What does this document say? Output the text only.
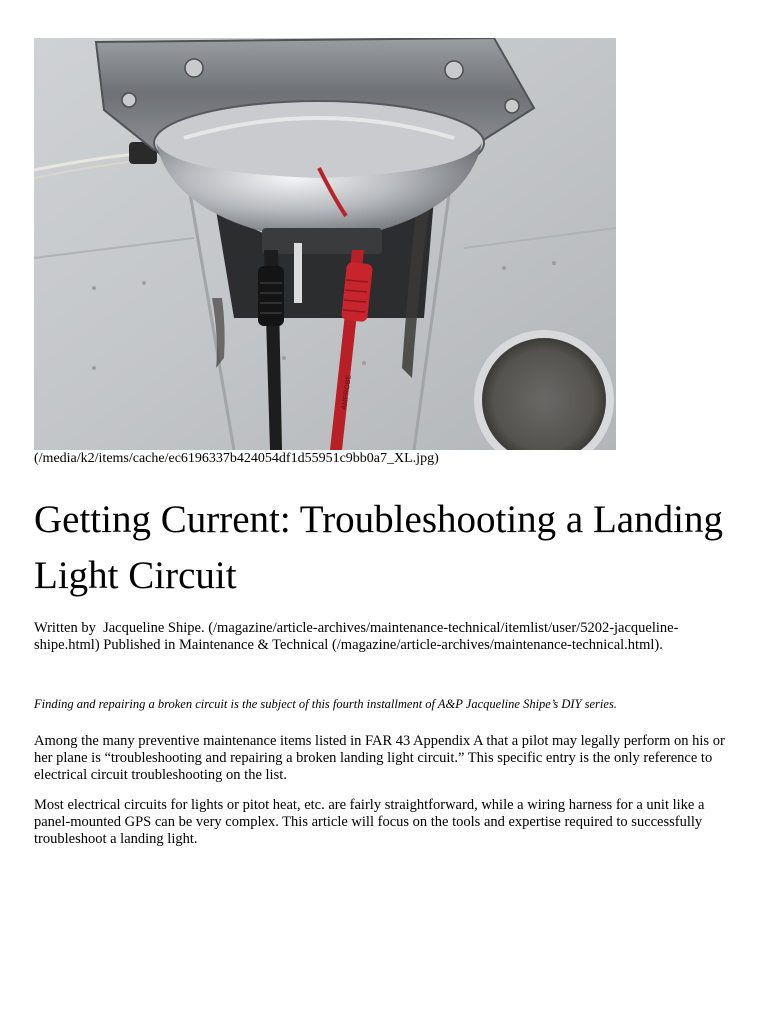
AMPROBE
(/media/k2/items/cache/ec6196337b424054df1d55951c9bb0a7_XL.jpg)
Getting Current: Troubleshooting a Landing Light Circuit
Written by Jacqueline Shipe. (/magazine/article-archives/maintenance-technical/itemlist/user/5202-jacqueline-shipe.html) Published in Maintenance & Technical (/magazine/article-archives/maintenance-technical.html).
Finding and repairing a broken circuit is the subject of this fourth installment of A&P Jacqueline Shipe’s DIY series.

Among the many preventive maintenance items listed in FAR 43 Appendix A that a pilot may legally perform on his or her plane is “troubleshooting and repairing a broken landing light circuit.” This specific entry is the only reference to electrical circuit troubleshooting on the list.

Most electrical circuits for lights or pitot heat, etc. are fairly straightforward, while a wiring harness for a unit like a panel-mounted GPS can be very complex. This article will focus on the tools and expertise required to successfully troubleshoot a landing light.
